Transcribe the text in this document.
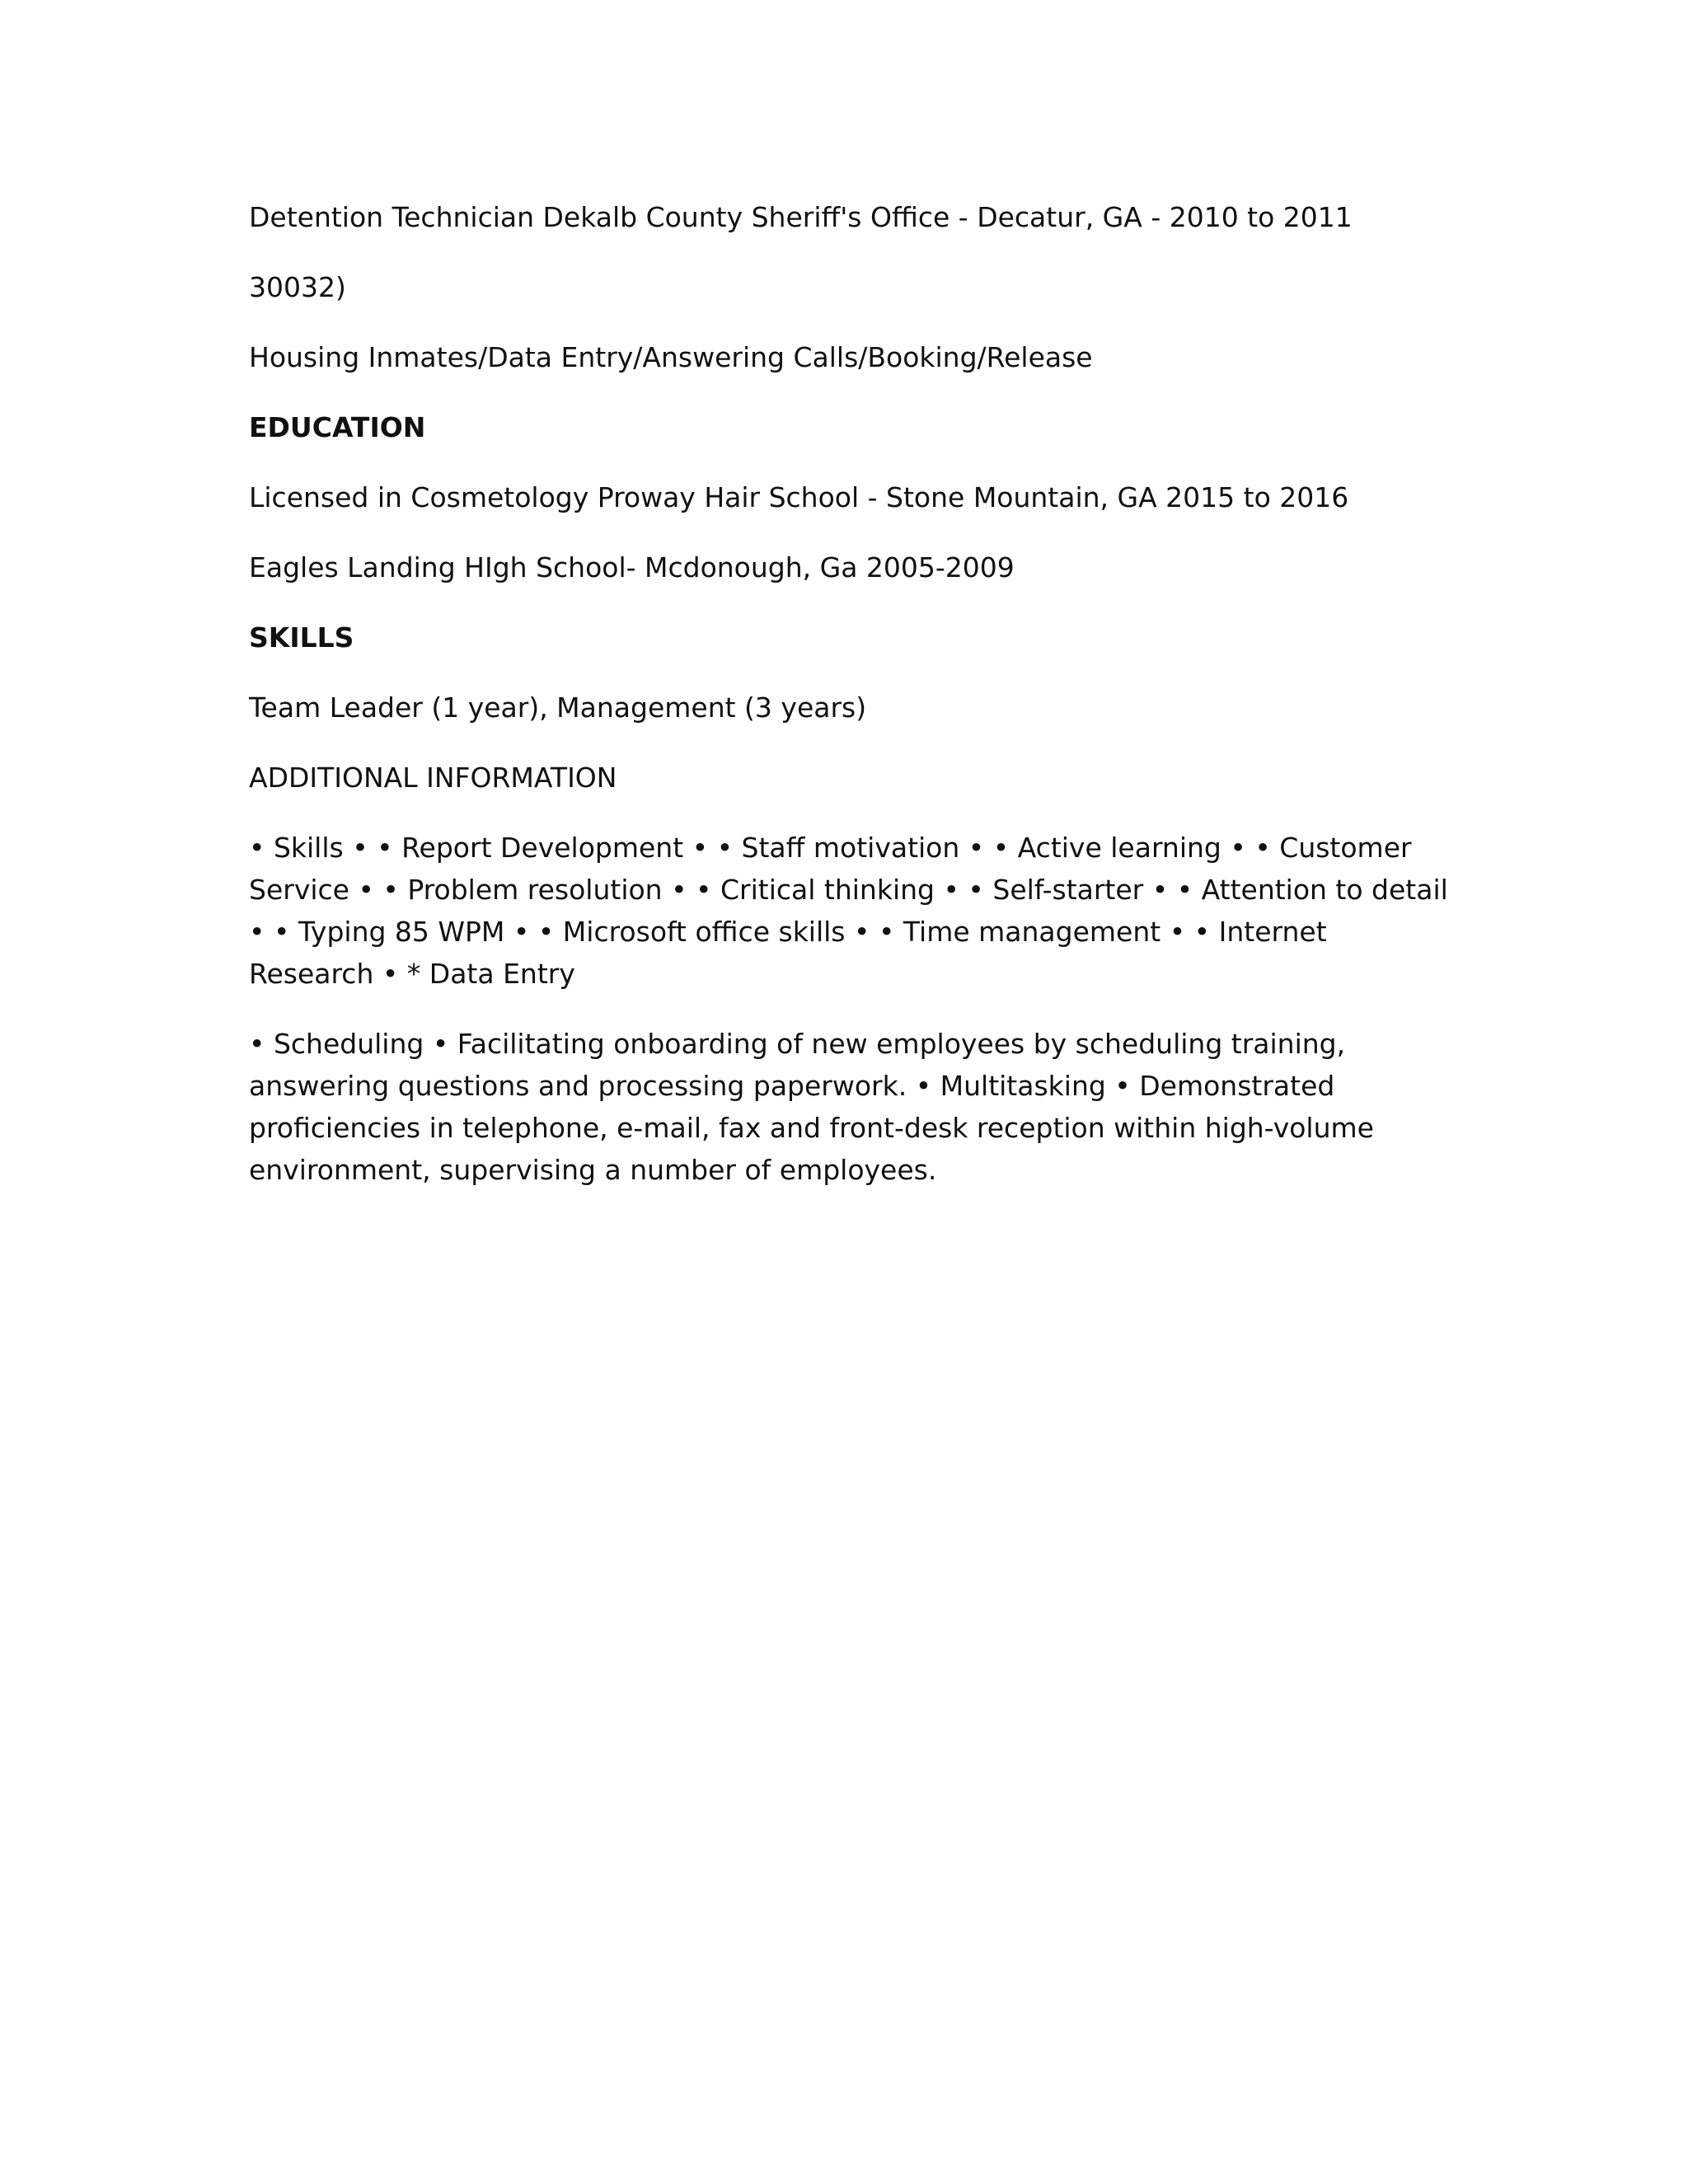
Detention Technician Dekalb County Sheriff's Office - Decatur, GA - 2010 to 2011

30032)

Housing Inmates/Data Entry/Answering Calls/Booking/Release

EDUCATION

Licensed in Cosmetology Proway Hair School - Stone Mountain, GA 2015 to 2016

Eagles Landing HIgh School- Mcdonough, Ga 2005-2009

SKILLS

Team Leader (1 year), Management (3 years)

ADDITIONAL INFORMATION

• Skills • • Report Development • • Staff motivation • • Active learning • • Customer Service • • Problem resolution • • Critical thinking • • Self-starter • • Attention to detail • • Typing 85 WPM • • Microsoft office skills • • Time management • • Internet Research • * Data Entry

• Scheduling • Facilitating onboarding of new employees by scheduling training, answering questions and processing paperwork. • Multitasking • Demonstrated proficiencies in telephone, e-mail, fax and front-desk reception within high-volume environment, supervising a number of employees.
